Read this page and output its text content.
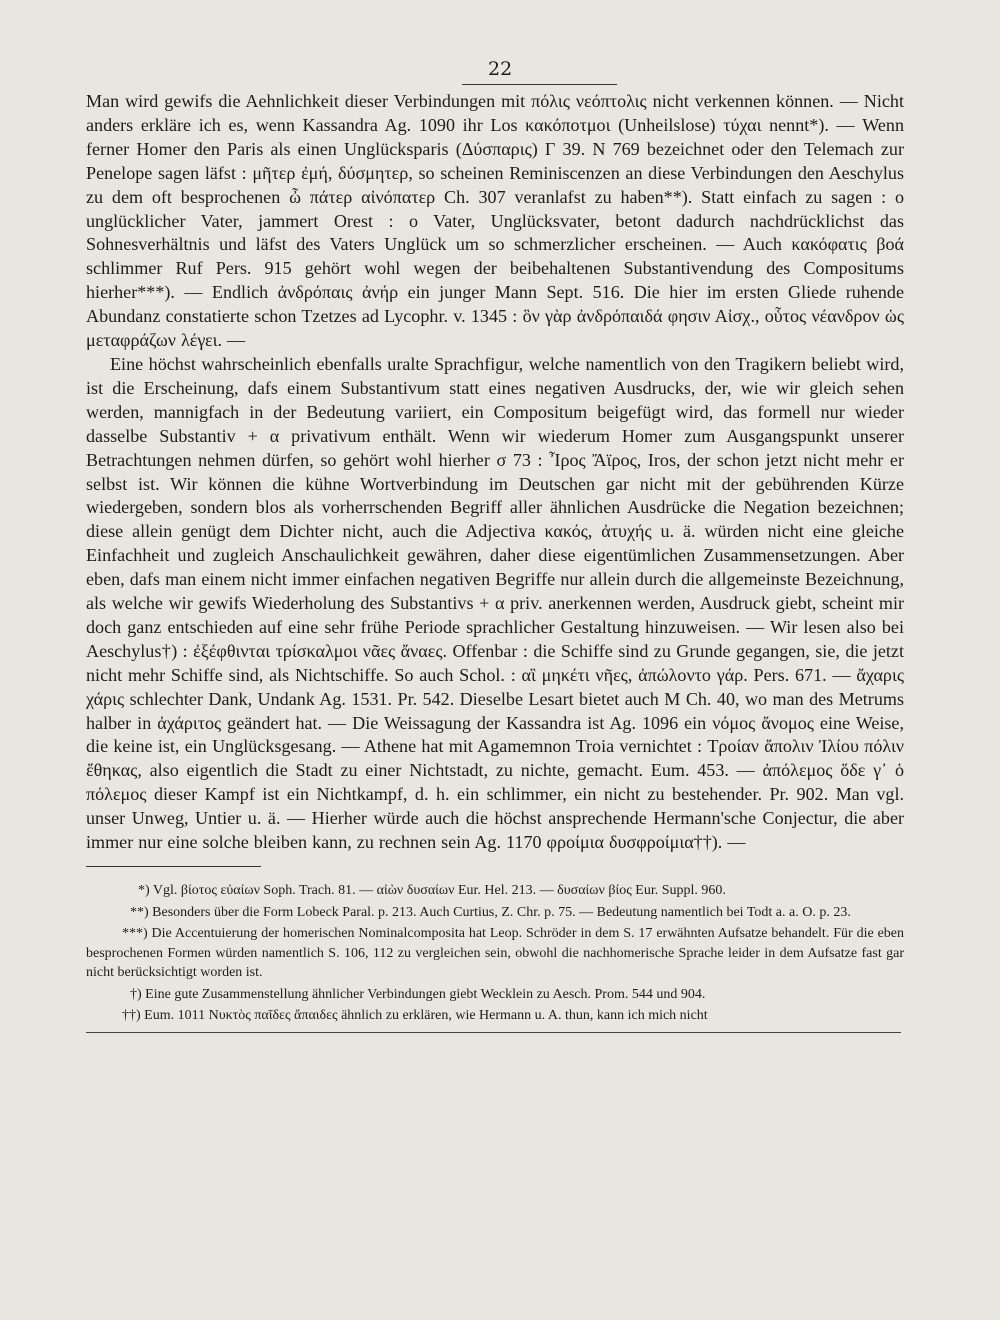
22

Man wird gewifs die Aehnlichkeit dieser Verbindungen mit πόλις νεόπτολις nicht verkennen können. — Nicht anders erkläre ich es, wenn Kassandra Ag. 1090 ihr Los κακόποτμοι (Unheilslose) τύχαι nennt*). — Wenn ferner Homer den Paris als einen Unglücksparis (Δύσπαρις) Γ 39. Ν 769 bezeichnet oder den Telemach zur Penelope sagen läfst : μῆτερ ἐμή, δύσμητερ, so scheinen Reminiscenzen an diese Verbindungen den Aeschylus zu dem oft besprochenen ὦ πάτερ αἰνόπατερ Ch. 307 veranlafst zu haben**). Statt einfach zu sagen : o unglücklicher Vater, jammert Orest : o Vater, Unglücksvater, betont dadurch nachdrücklichst das Sohnesverhältnis und läfst des Vaters Unglück um so schmerzlicher erscheinen. — Auch κακόφατις βοά schlimmer Ruf Pers. 915 gehört wohl wegen der beibehaltenen Substantivendung des Compositums hierher***). — Endlich ἀνδρόπαις ἀνήρ ein junger Mann Sept. 516. Die hier im ersten Gliede ruhende Abundanz constatierte schon Tzetzes ad Lycophr. v. 1345 : ὃν γὰρ ἀνδρόπαιδά φησιν Αἰσχ., οὗτος νέανδρον ὡς μεταφράζων λέγει. —

Eine höchst wahrscheinlich ebenfalls uralte Sprachfigur, welche namentlich von den Tragikern beliebt wird, ist die Erscheinung, dafs einem Substantivum statt eines negativen Ausdrucks, der, wie wir gleich sehen werden, mannigfach in der Bedeutung variiert, ein Compositum beigefügt wird, das formell nur wieder dasselbe Substantiv + α privativum enthält. Wenn wir wiederum Homer zum Ausgangspunkt unserer Betrachtungen nehmen dürfen, so gehört wohl hierher σ 73 : Ἶρος Ἄϊρος, Iros, der schon jetzt nicht mehr er selbst ist. Wir können die kühne Wortverbindung im Deutschen gar nicht mit der gebührenden Kürze wiedergeben, sondern blos als vorherrschenden Begriff aller ähnlichen Ausdrücke die Negation bezeichnen; diese allein genügt dem Dichter nicht, auch die Adjectiva κακός, ἀτυχής u. ä. würden nicht eine gleiche Einfachheit und zugleich Anschaulichkeit gewähren, daher diese eigentümlichen Zusammensetzungen. Aber eben, dafs man einem nicht immer einfachen negativen Begriffe nur allein durch die allgemeinste Bezeichnung, als welche wir gewifs Wiederholung des Substantivs + α priv. anerkennen werden, Ausdruck giebt, scheint mir doch ganz entschieden auf eine sehr frühe Periode sprachlicher Gestaltung hinzuweisen. — Wir lesen also bei Aeschylus†) : ἐξέφθινται τρίσκαλμοι νᾶες ἄναες. Offenbar : die Schiffe sind zu Grunde gegangen, sie, die jetzt nicht mehr Schiffe sind, als Nichtschiffe. So auch Schol. : αἳ μηκέτι νῆες, ἀπώλοντο γάρ. Pers. 671. — ἄχαρις χάρις schlechter Dank, Undank Ag. 1531. Pr. 542. Dieselbe Lesart bietet auch M Ch. 40, wo man des Metrums halber in ἀχάριτος geändert hat. — Die Weissagung der Kassandra ist Ag. 1096 ein νόμος ἄνομος eine Weise, die keine ist, ein Unglücksgesang. — Athene hat mit Agamemnon Troia vernichtet : Τροίαν ἄπολιν Ἰλίου πόλιν ἔθηκας, also eigentlich die Stadt zu einer Nichtstadt, zu nichte, gemacht. Eum. 453. — ἀπόλεμος ὅδε γ᾽ ὁ πόλεμος dieser Kampf ist ein Nichtkampf, d. h. ein schlimmer, ein nicht zu bestehender. Pr. 902. Man vgl. unser Unweg, Untier u. ä. — Hierher würde auch die höchst ansprechende Hermann'sche Conjectur, die aber immer nur eine solche bleiben kann, zu rechnen sein Ag. 1170 φροίμια δυσφροίμια††). —

*) Vgl. βίοτος εὐαίων Soph. Trach. 81. — αἰὼν δυσαίων Eur. Hel. 213. — δυσαίων βίος Eur. Suppl. 960.

**) Besonders über die Form Lobeck Paral. p. 213. Auch Curtius, Z. Chr. p. 75. — Bedeutung namentlich bei Todt a. a. O. p. 23.

***) Die Accentuierung der homerischen Nominalcomposita hat Leop. Schröder in dem S. 17 erwähnten Aufsatze behandelt. Für die eben besprochenen Formen würden namentlich S. 106, 112 zu vergleichen sein, obwohl die nachhomerische Sprache leider in dem Aufsatze fast gar nicht berücksichtigt worden ist.

†) Eine gute Zusammenstellung ähnlicher Verbindungen giebt Wecklein zu Aesch. Prom. 544 und 904.

††) Eum. 1011 Νυκτὸς παῖδες ἄπαιδες ähnlich zu erklären, wie Hermann u. A. thun, kann ich mich nicht
